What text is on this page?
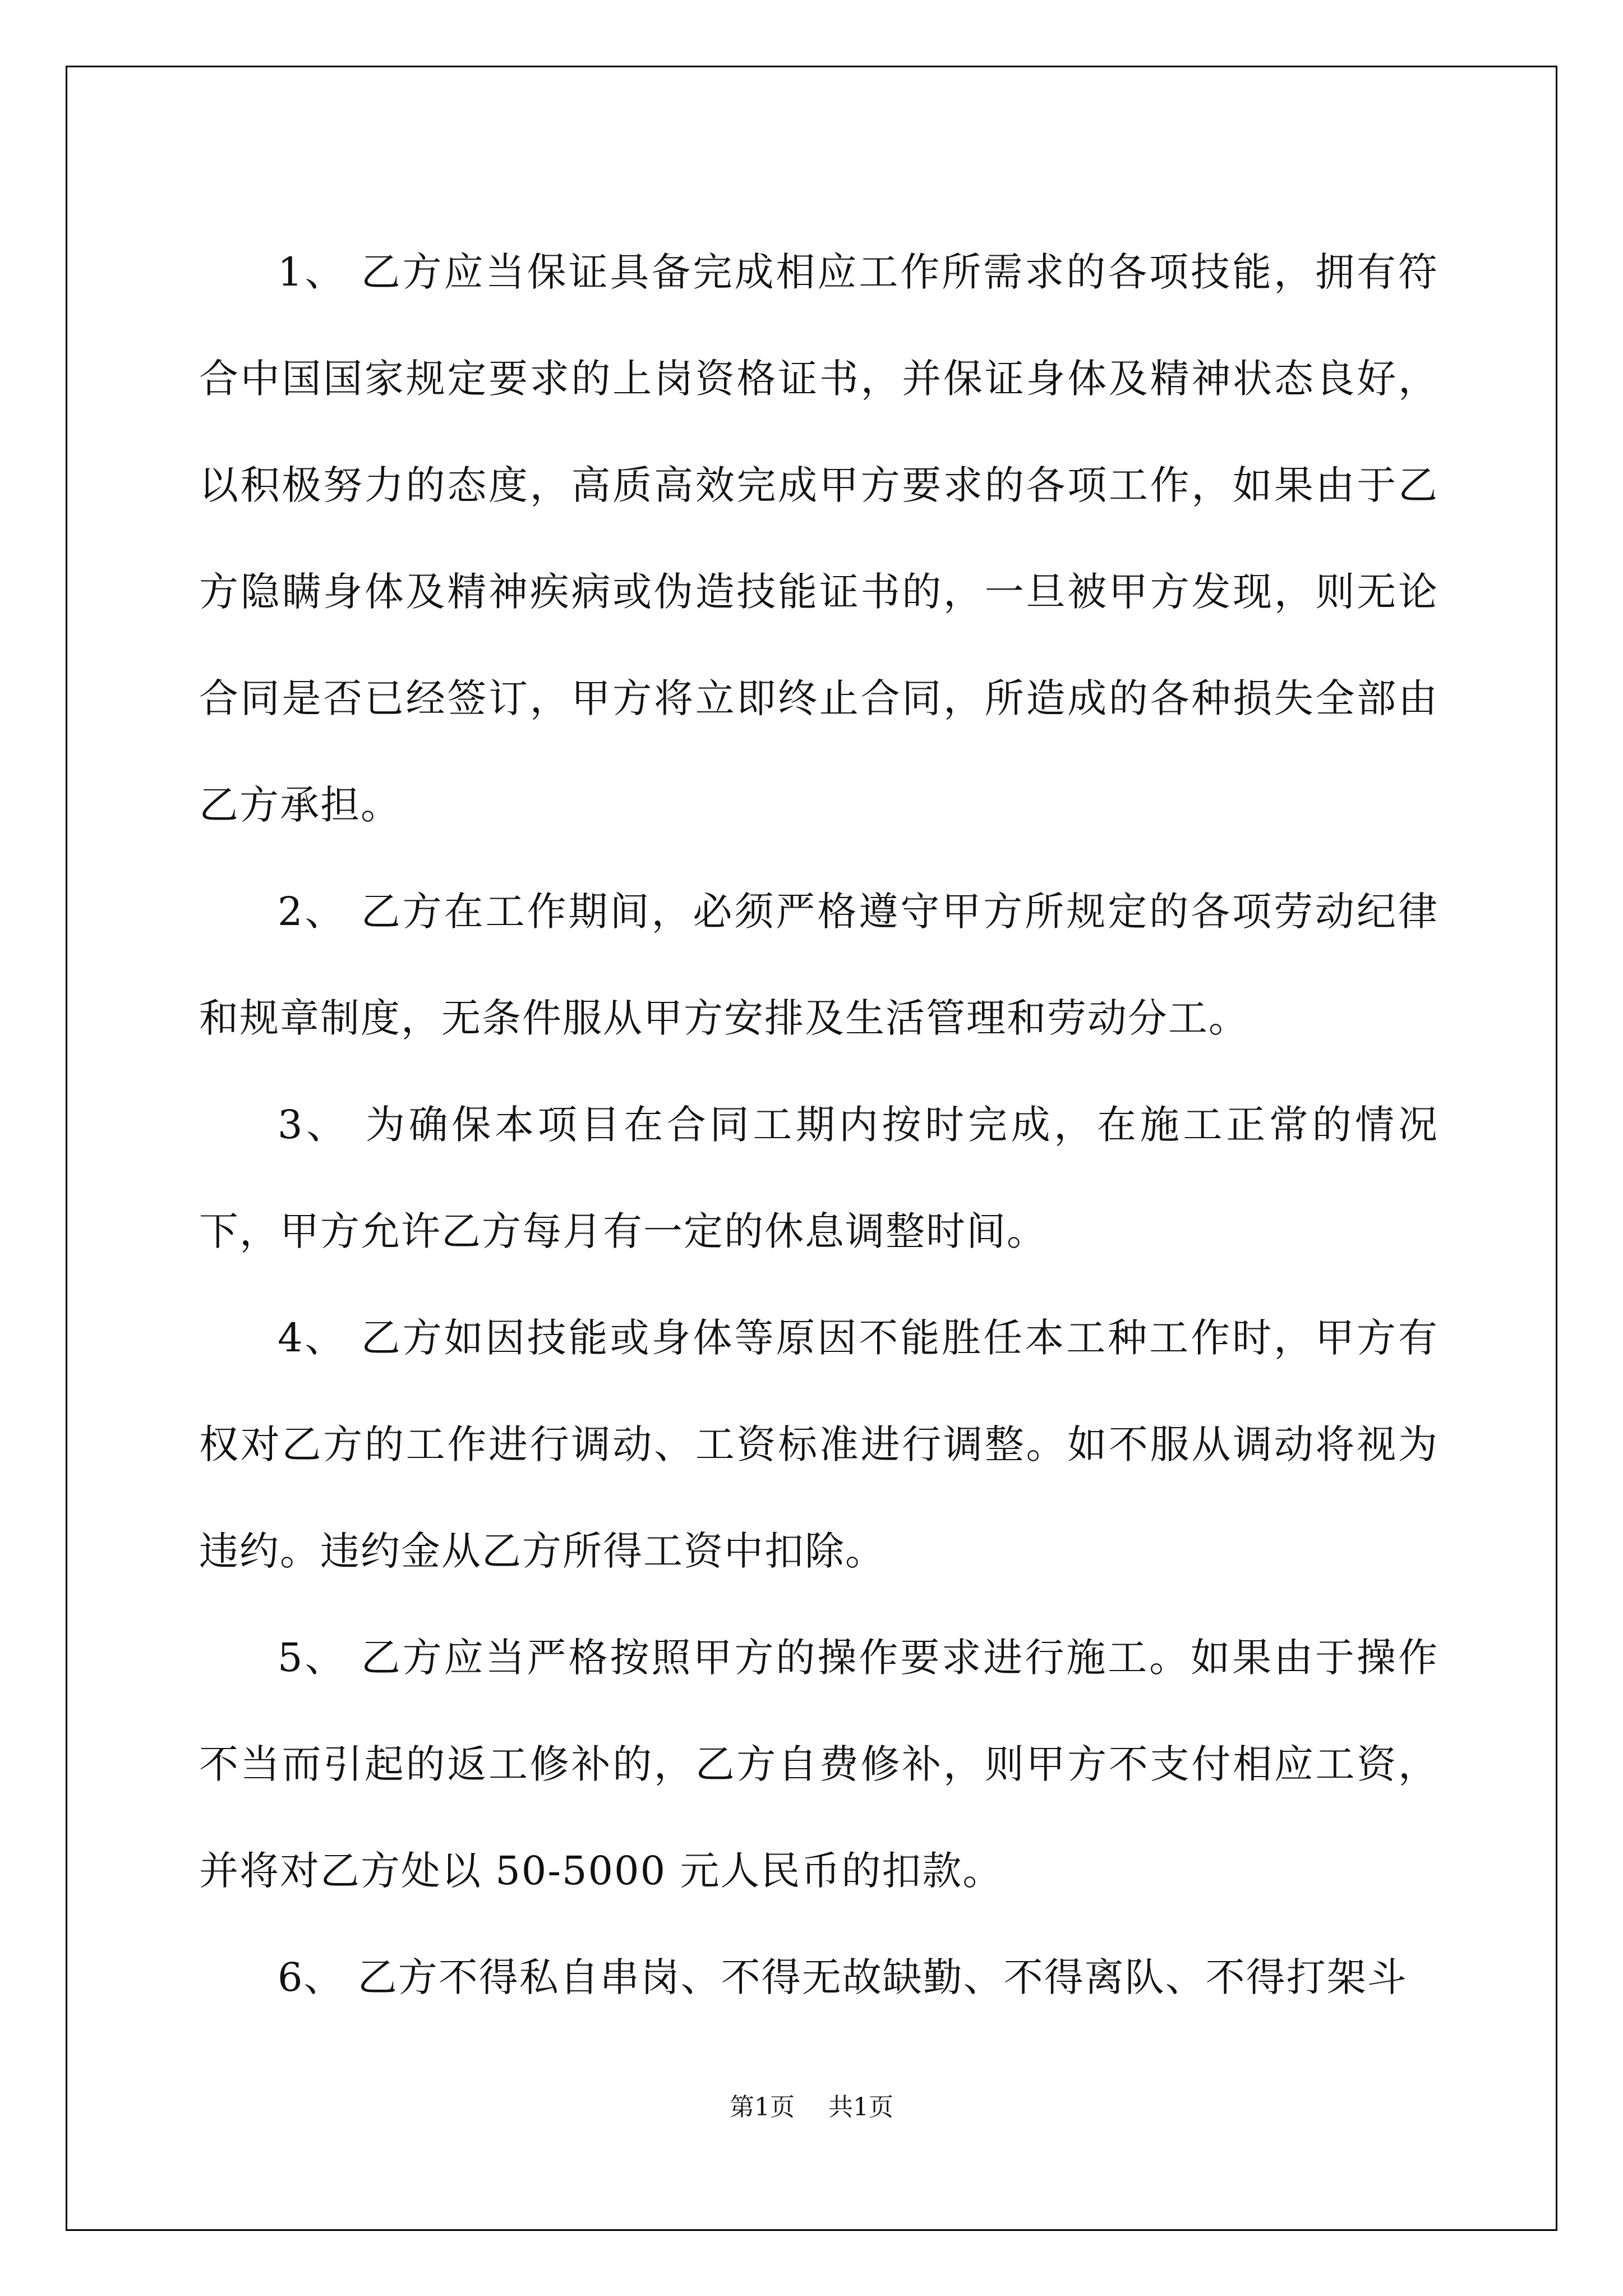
1、 乙方应当保证具备完成相应工作所需求的各项技能，拥有符合中国国家规定要求的上岗资格证书，并保证身体及精神状态良好，以积极努力的态度，高质高效完成甲方要求的各项工作，如果由于乙方隐瞒身体及精神疾病或伪造技能证书的，一旦被甲方发现，则无论合同是否已经签订，甲方将立即终止合同，所造成的各种损失全部由乙方承担。

2、 乙方在工作期间，必须严格遵守甲方所规定的各项劳动纪律和规章制度，无条件服从甲方安排及生活管理和劳动分工。

3、 为确保本项目在合同工期内按时完成，在施工正常的情况下，甲方允许乙方每月有一定的休息调整时间。

4、 乙方如因技能或身体等原因不能胜任本工种工作时，甲方有权对乙方的工作进行调动、工资标准进行调整。如不服从调动将视为违约。违约金从乙方所得工资中扣除。

5、 乙方应当严格按照甲方的操作要求进行施工。如果由于操作不当而引起的返工修补的，乙方自费修补，则甲方不支付相应工资，并将对乙方处以 50-5000 元人民币的扣款。

6、 乙方不得私自串岗、不得无故缺勤、不得离队、不得打架斗

第1页 共1页
